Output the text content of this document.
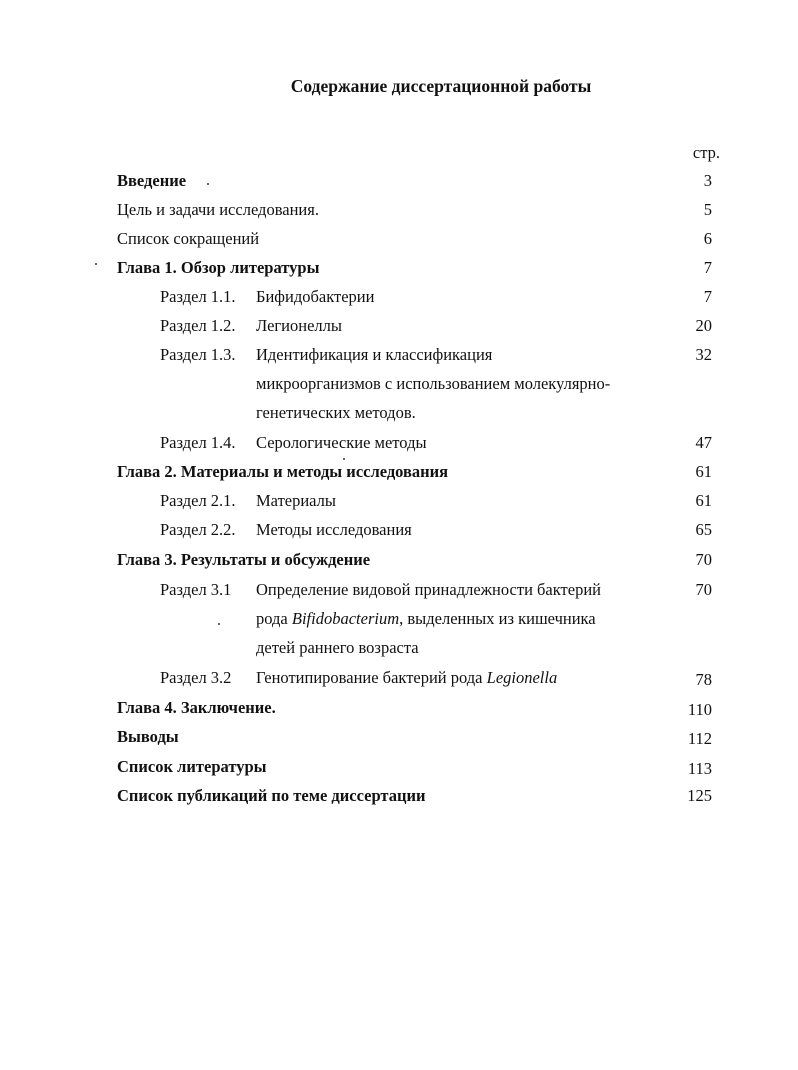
Содержание диссертационной работы
стр.
Введение	3
Цель и задачи исследования.	5
Список сокращений	6
Глава 1. Обзор литературы	7
Раздел 1.1. Бифидобактерии	7
Раздел 1.2. Легионеллы	20
Раздел 1.3. Идентификация и классификация	32
микроорганизмов с использованием молекулярно-
генетических методов.
Раздел 1.4. Серологические методы	47
Глава 2. Материалы и методы исследования	61
Раздел 2.1. Материалы	61
Раздел 2.2. Методы исследования	65
Глава 3. Результаты и обсуждение	70
Раздел 3.1 Определение видовой принадлежности бактерий	70
рода Bifidobacterium, выделенных из кишечника
детей раннего возраста
Раздел 3.2 Генотипирование бактерий рода Legionella	78
Глава 4. Заключение.	110
Выводы	112
Список литературы	113
Список публикаций по теме диссертации	125
